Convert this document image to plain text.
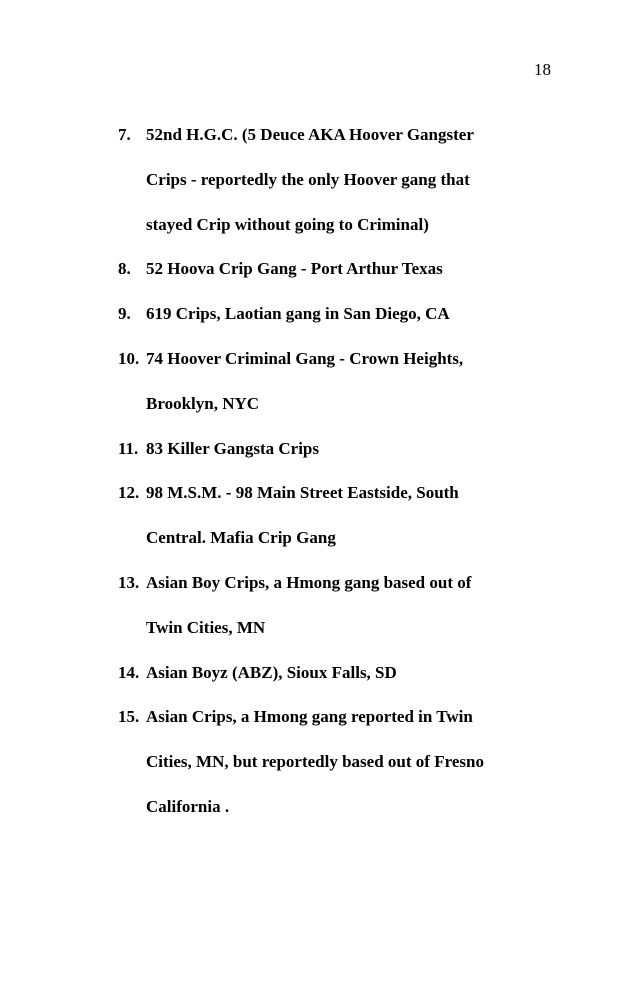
18
7. 52nd H.G.C. (5 Deuce AKA Hoover Gangster
Crips - reportedly the only Hoover gang that
stayed Crip without going to Criminal)
8. 52 Hoova Crip Gang - Port Arthur Texas
9. 619 Crips, Laotian gang in San Diego, CA
10. 74 Hoover Criminal Gang - Crown Heights,
Brooklyn, NYC
11. 83 Killer Gangsta Crips
12. 98 M.S.M. - 98 Main Street Eastside, South
Central. Mafia Crip Gang
13. Asian Boy Crips, a Hmong gang based out of
Twin Cities, MN
14. Asian Boyz (ABZ), Sioux Falls, SD
15. Asian Crips, a Hmong gang reported in Twin
Cities, MN, but reportedly based out of Fresno
California .
